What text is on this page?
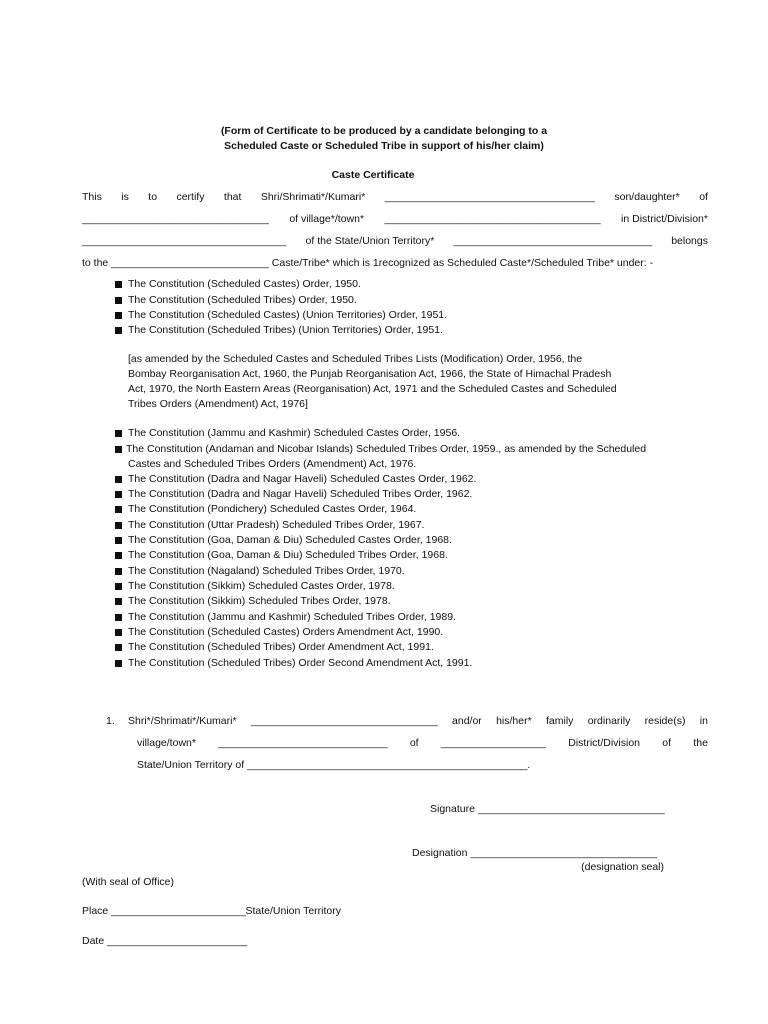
(Form of Certificate to be produced by a candidate belonging to a
Scheduled Caste or Scheduled Tribe in support of his/her claim)
Caste Certificate
This is to certify that Shri/Shrimati*/Kumari* ____________________________________ son/daughter* of
________________________________ of village*/town* _____________________________________ in District/Division*
___________________________________ of the State/Union Territory* __________________________________ belongs
to the ___________________________ Caste/Tribe* which is 1recognized as Scheduled Caste*/Scheduled Tribe* under: -
The Constitution (Scheduled Castes) Order, 1950.
The Constitution (Scheduled Tribes) Order, 1950.
The Constitution (Scheduled Castes) (Union Territories) Order, 1951.
The Constitution (Scheduled Tribes) (Union Territories) Order, 1951.
[as amended by the Scheduled Castes and Scheduled Tribes Lists (Modification) Order, 1956, the
Bombay Reorganisation Act, 1960, the Punjab Reorganisation Act, 1966, the State of Himachal Pradesh
Act, 1970, the North Eastern Areas (Reorganisation) Act, 1971 and the Scheduled Castes and Scheduled
Tribes Orders (Amendment) Act, 1976]
The Constitution (Jammu and Kashmir) Scheduled Castes Order, 1956.
The Constitution (Andaman and Nicobar Islands) Scheduled Tribes Order, 1959., as amended by the Scheduled
Castes and Scheduled Tribes Orders (Amendment) Act, 1976.
The Constitution (Dadra and Nagar Haveli) Scheduled Castes Order, 1962.
The Constitution (Dadra and Nagar Haveli) Scheduled Tribes Order, 1962.
The Constitution (Pondichery) Scheduled Castes Order, 1964.
The Constitution (Uttar Pradesh) Scheduled Tribes Order, 1967.
The Constitution (Goa, Daman & Diu) Scheduled Castes Order, 1968.
The Constitution (Goa, Daman & Diu) Scheduled Tribes Order, 1968.
The Constitution (Nagaland) Scheduled Tribes Order, 1970.
The Constitution (Sikkim) Scheduled Castes Order, 1978.
The Constitution (Sikkim) Scheduled Tribes Order, 1978.
The Constitution (Jammu and Kashmir) Scheduled Tribes Order, 1989.
The Constitution (Scheduled Castes) Orders Amendment Act, 1990.
The Constitution (Scheduled Tribes) Order Amendment Act, 1991.
The Constitution (Scheduled Tribes) Order Second Amendment Act, 1991.
1. Shri*/Shrimati*/Kumari* ________________________________ and/or his/her* family ordinarily reside(s) in
village/town* _____________________________ of __________________ District/Division of the
State/Union Territory of ________________________________________________.
Signature ________________________________
Designation ________________________________
(designation seal)
(With seal of Office)
Place _______________________State/Union Territory
Date ________________________
